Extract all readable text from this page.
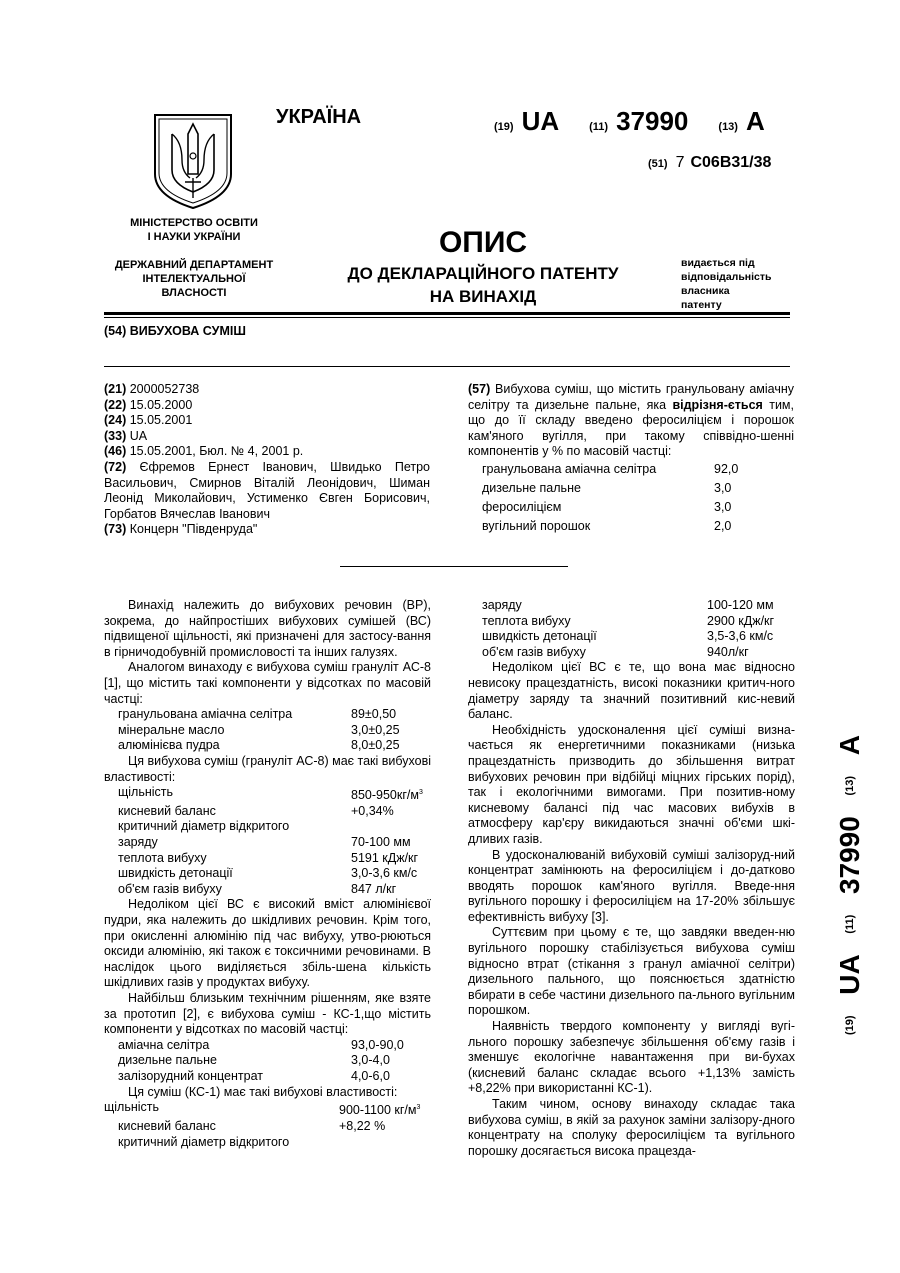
МІНІСТЕРСТВО ОСВІТИ
І НАУКИ УКРАЇНИ
ДЕРЖАВНИЙ ДЕПАРТАМЕНТ
ІНТЕЛЕКТУАЛЬНОЇ
ВЛАСНОСТІ
УКРАЇНА	(19) UA	(11) 37990	(13) A
(51) 7 C06B31/38
ОПИС
ДО ДЕКЛАРАЦІЙНОГО ПАТЕНТУ
НА ВИНАХІД
видається під
відповідальність
власника
патенту
(54) ВИБУХОВА СУМІШ
(21) 2000052738
(22) 15.05.2000
(24) 15.05.2001
(33) UA
(46) 15.05.2001, Бюл. № 4, 2001 р.
(72) Єфремов Ернест Іванович, Швидько Петро Васильович, Смирнов Віталій Леонідович, Шиман Леонід Миколайович, Устименко Євген Борисович, Горбатов Вячеслав Іванович
(73) Концерн "Південруда"
(57) Вибухова суміш, що містить гранульовану аміачну селітру та дизельне пальне, яка відрізня-ється тим, що до її складу введено феросиліцієм і порошок кам'яного вугілля, при такому співвідно-шенні компонентів у % по масовій частці:
гранульована аміачна селітра	92,0
дизельне пальне	3,0
феросиліцієм	3,0
вугільний порошок	2,0

Винахід належить до вибухових речовин (ВР), зокрема, до найпростіших вибухових сумішей (ВС) підвищеної щільності, які призначені для застосу-вання в гірничодобувній промисловості та інших галузях.

Аналогом винаходу є вибухова суміш грануліт АС-8 [1], що містить такі компоненти у відсотках по масовій частці:

гранульована аміачна селітра	89±0,50
мінеральне масло	3,0±0,25
алюмінієва пудра	8,0±0,25

Ця вибухова суміш (грануліт АС-8) має такі вибухові властивості:

щільність	$850-950кг/м^3$
кисневий баланс	+0,34%
критичний діаметр відкритого
заряду	70-100 мм
теплота вибуху	5191 кДж/кг
швидкість детонації	3,0-3,6 км/с
об'єм газів вибуху	847 л/кг

Недоліком цієї ВС є високий вміст алюмінієвої пудри, яка належить до шкідливих речовин. Крім того, при окисленні алюмінію під час вибуху, утво-рюються оксиди алюмінію, які також є токсичними речовинами. В наслідок цього виділяється збіль-шена кількість шкідливих газів у продуктах вибуху.

Найбільш близьким технічним рішенням, яке взяте за прототип [2], є вибухова суміш - КС-1,що містить компоненти у відсотках по масовій частці:

аміачна селітра	93,0-90,0
дизельне пальне	3,0-4,0
залізорудний концентрат	4,0-6,0

Ця суміш (КС-1) має такі вибухові властивості:

щільність	900-1100 $кг/м^3$
кисневий баланс	+8,22 %
критичний діаметр відкритого
заряду	100-120 мм
теплота вибуху	2900 кДж/кг
швидкість детонації	3,5-3,6 км/с
об'єм газів вибуху	940л/кг

Недоліком цієї ВС є те, що вона має відносно невисоку працездатність, високі показники критич-ного діаметру заряду та значний позитивний кис-невий баланс.

Необхідність удосконалення цієї суміші визна-чається як енергетичними показниками (низька працездатність призводить до збільшення витрат вибухових речовин при відбійці міцних гірських порід), так і екологічними вимогами. При позитив-ному кисневому балансі під час масових вибухів в атмосферу кар'єру викидаються значні об'єми шкі-дливих газів.

В удосконалюваній вибуховій суміші залізоруд-ний концентрат замінюють на феросиліцієм і до-датково вводять порошок кам'яного вугілля. Введе-ння вугільного порошку і феросиліцієм на 17-20% збільшує ефективність вибуху [3].

Суттєвим при цьому є те, що завдяки введен-ню вугільного порошку стабілізується вибухова суміш відносно втрат (стікання з гранул аміачної селітри) дизельного пального, що пояснюється здатністю вбирати в себе частини дизельного па-льного вугільним порошком.

Наявність твердого компоненту у вигляді вугі-льного порошку забезпечує збільшення об'єму газів і зменшує екологічне навантаження при ви-бухах (кисневий баланс складає всього +1,13% замість +8,22% при використанні КС-1).

Таким чином, основу винаходу складає така вибухова суміш, в якій за рахунок заміни залізору-дного концентрату на сполуку феросиліцієм та вугільного порошку досягається висока працезда-

(19)
UA
(11)
37990
(13)
A
